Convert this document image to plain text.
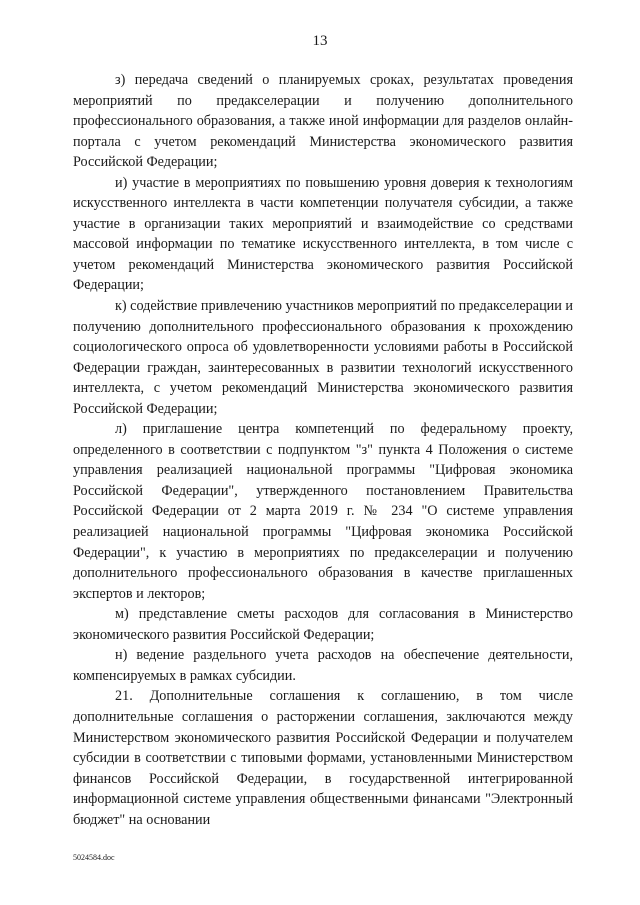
13

з) передача сведений о планируемых сроках, результатах проведения мероприятий по предакселерации и получению дополнительного профессионального образования, а также иной информации для разделов онлайн-портала с учетом рекомендаций Министерства экономического развития Российской Федерации;

и) участие в мероприятиях по повышению уровня доверия к технологиям искусственного интеллекта в части компетенции получателя субсидии, а также участие в организации таких мероприятий и взаимодействие со средствами массовой информации по тематике искусственного интеллекта, в том числе с учетом рекомендаций Министерства экономического развития Российской Федерации;

к) содействие привлечению участников мероприятий по предакселерации и получению дополнительного профессионального образования к прохождению социологического опроса об удовлетворенности условиями работы в Российской Федерации граждан, заинтересованных в развитии технологий искусственного интеллекта, с учетом рекомендаций Министерства экономического развития Российской Федерации;

л) приглашение центра компетенций по федеральному проекту, определенного в соответствии с подпунктом "з" пункта 4 Положения о системе управления реализацией национальной программы "Цифровая экономика Российской Федерации", утвержденного постановлением Правительства Российской Федерации от 2 марта 2019 г. № 234 "О системе управления реализацией национальной программы "Цифровая экономика Российской Федерации", к участию в мероприятиях по предакселерации и получению дополнительного профессионального образования в качестве приглашенных экспертов и лекторов;

м) представление сметы расходов для согласования в Министерство экономического развития Российской Федерации;

н) ведение раздельного учета расходов на обеспечение деятельности, компенсируемых в рамках субсидии.

21. Дополнительные соглашения к соглашению, в том числе дополнительные соглашения о расторжении соглашения, заключаются между Министерством экономического развития Российской Федерации и получателем субсидии в соответствии с типовыми формами, установленными Министерством финансов Российской Федерации, в государственной интегрированной информационной системе управления общественными финансами "Электронный бюджет" на основании

5024584.doc
